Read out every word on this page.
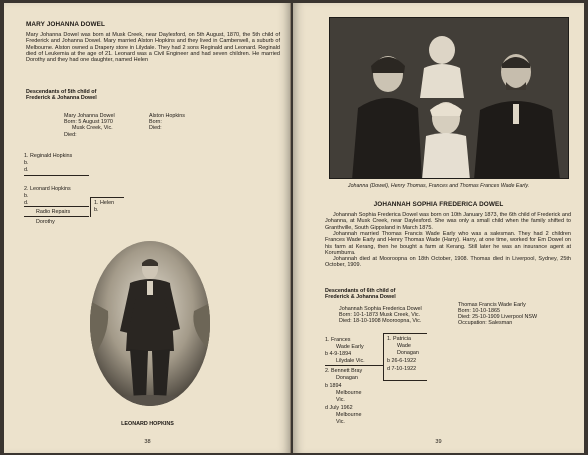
MARY JOHANNA DOWEL
Mary Johanna Dowel was born at Musk Creek, near Daylesford, on 5th August, 1870, the 5th child of Frederick and Johanna Dowel. Mary married Alston Hopkins and they lived in Camberwell, a suburb of Melbourne. Alston owned a Drapery store in Lilydale. They had 2 sons Reginald and Leonard. Reginald died of Leukemia at the age of 21. Leonard was a Civil Engineer and had seven children. He married Dorothy and they had one daughter, named Helen
Descendants of 5th child of
Frederick & Johanna Dowel
Mary Johanna Dowel
Born: 5 August 1970
Musk Creek, Vic.
Died:
Alston Hopkins
Born:
Died:
1. Reginald Hopkins
b.
d.
2. Leonard Hopkins
b.
d.
Radio Repairs
Dorothy
1. Helen
b.
LEONARD HOPKINS
38
Johanna (Dowel), Henry Thomas, Frances and Thomas Frances Wade Early.
JOHANNAH SOPHIA FREDERICA DOWEL
Johannah Sophia Frederica Dowel was born on 10th January 1873, the 6th child of Frederick and Johanna, at Musk Creek, near Daylesford. She was only a small child when the family shifted to Granthville, South Gippsland in March 1875.
Johannah married Thomas Francis Wade Early who was a salesman. They had 2 children Frances Wade Early and Henry Thomas Wade (Harry). Harry, at one time, worked for Em Dowel on his farm at Kerang, then he bought a farm at Kerang. Still later he was an insurance agent at Korumburra.
Johannah died at Mooroopna on 18th October, 1908. Thomas died in Liverpool, Sydney, 25th October, 1909.
Descendants of 6th child of
Frederick & Johanna Dowel
Johannah Sophia Frederica Dowel
Born: 10-1-1873 Musk Creek, Vic.
Died: 18-10-1908 Mooroopna, Vic.
Thomas Francis Wade Early
Born: 10-10-1865
Died: 25-10-1909 Liverpool NSW
Occupation: Salesman
1. Frances
Wade Early
b 4-9-1894
Lilydale Vic.
2. Bennett Bray
Donagan
b 1894
Melbourne
Vic.
d July 1962
Melbourne
Vic.
1. Patricia
Wade
Donagan
b 26-6-1922
d 7-10-1922
39
